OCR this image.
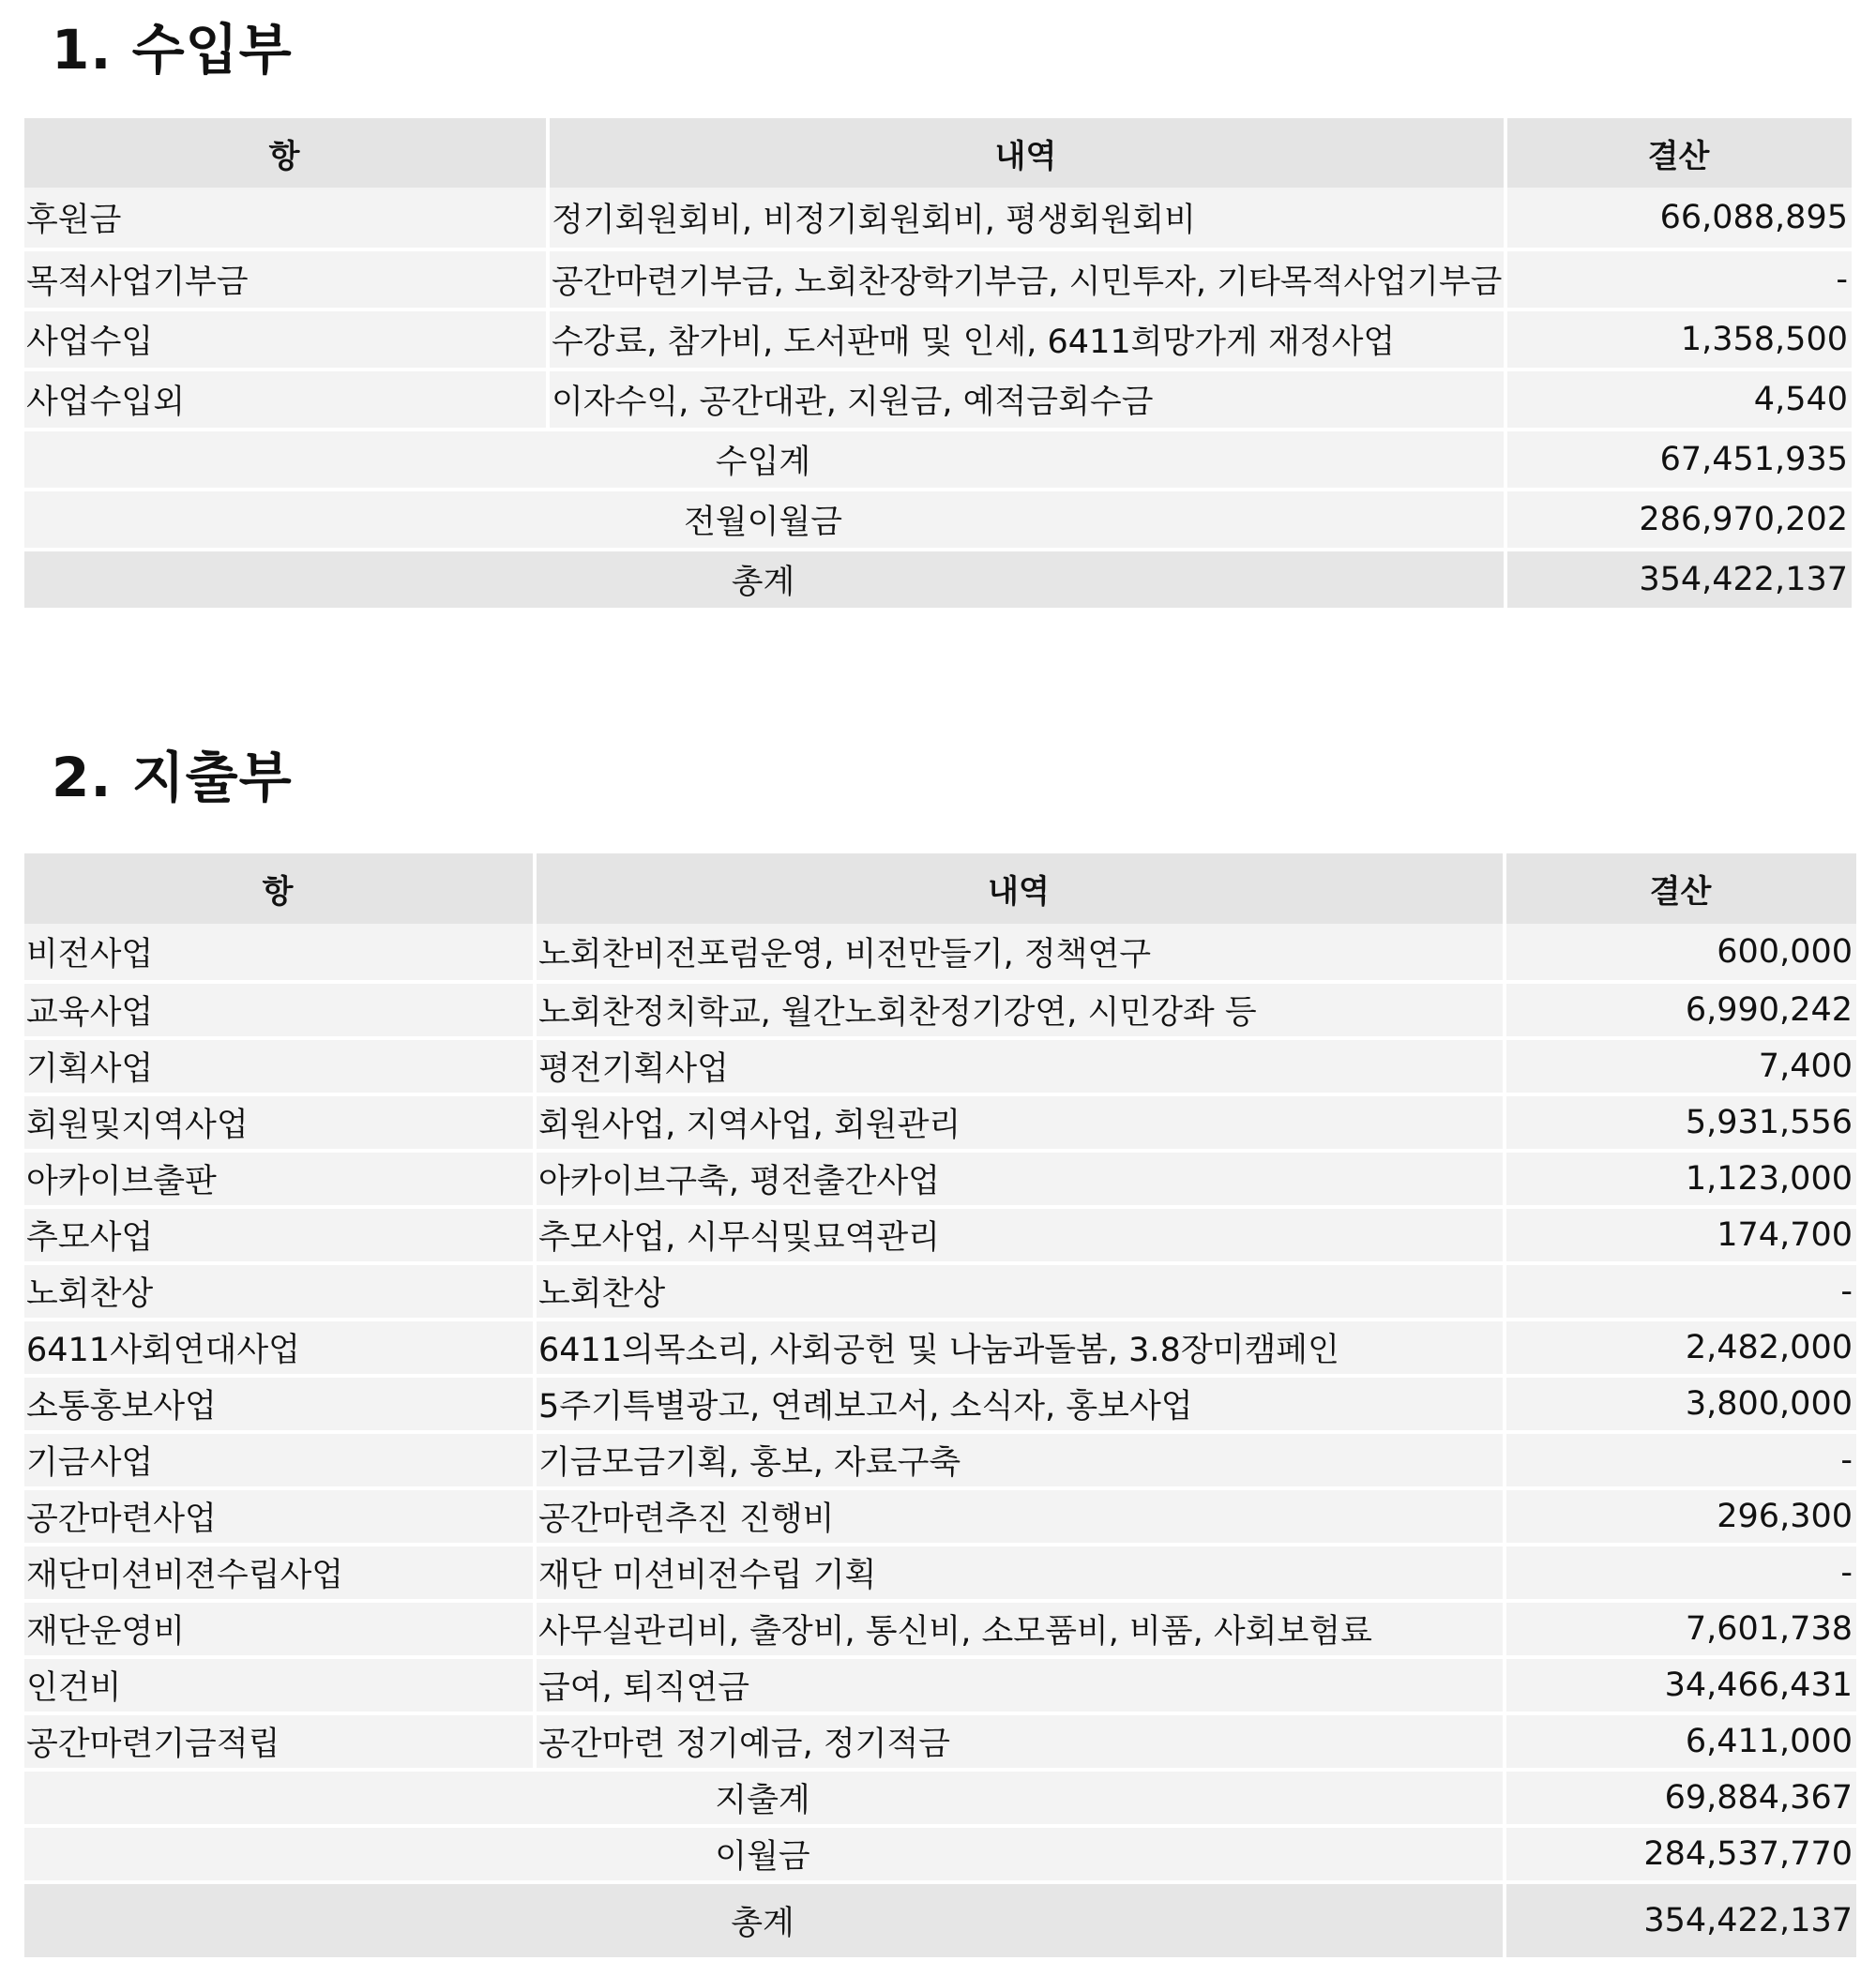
1. 수입부
항	내역	결산
후원금	정기회원회비, 비정기회원회비, 평생회원회비	66,088,895
목적사업기부금	공간마련기부금, 노회찬장학기부금, 시민투자, 기타목적사업기부금	-
사업수입	수강료, 참가비, 도서판매 및 인세, 6411희망가게 재정사업	1,358,500
사업수입외	이자수익, 공간대관, 지원금, 예적금회수금	4,540
수입계		67,451,935
전월이월금		286,970,202
총계		354,422,137
2. 지출부
항	내역	결산
비전사업	노회찬비전포럼운영, 비전만들기, 정책연구	600,000
교육사업	노회찬정치학교, 월간노회찬정기강연, 시민강좌 등	6,990,242
기획사업	평전기획사업	7,400
회원및지역사업	회원사업, 지역사업, 회원관리	5,931,556
아카이브출판	아카이브구축, 평전출간사업	1,123,000
추모사업	추모사업, 시무식및묘역관리	174,700
노회찬상	노회찬상	-
6411사회연대사업	6411의목소리, 사회공헌 및 나눔과돌봄, 3.8장미캠페인	2,482,000
소통홍보사업	5주기특별광고, 연례보고서, 소식자, 홍보사업	3,800,000
기금사업	기금모금기획, 홍보, 자료구축	-
공간마련사업	공간마련추진 진행비	296,300
재단미션비젼수립사업	재단 미션비전수립 기획	-
재단운영비	사무실관리비, 출장비, 통신비, 소모품비, 비품, 사회보험료	7,601,738
인건비	급여, 퇴직연금	34,466,431
공간마련기금적립	공간마련 정기예금, 정기적금	6,411,000
지출계		69,884,367
이월금		284,537,770
총계		354,422,137
